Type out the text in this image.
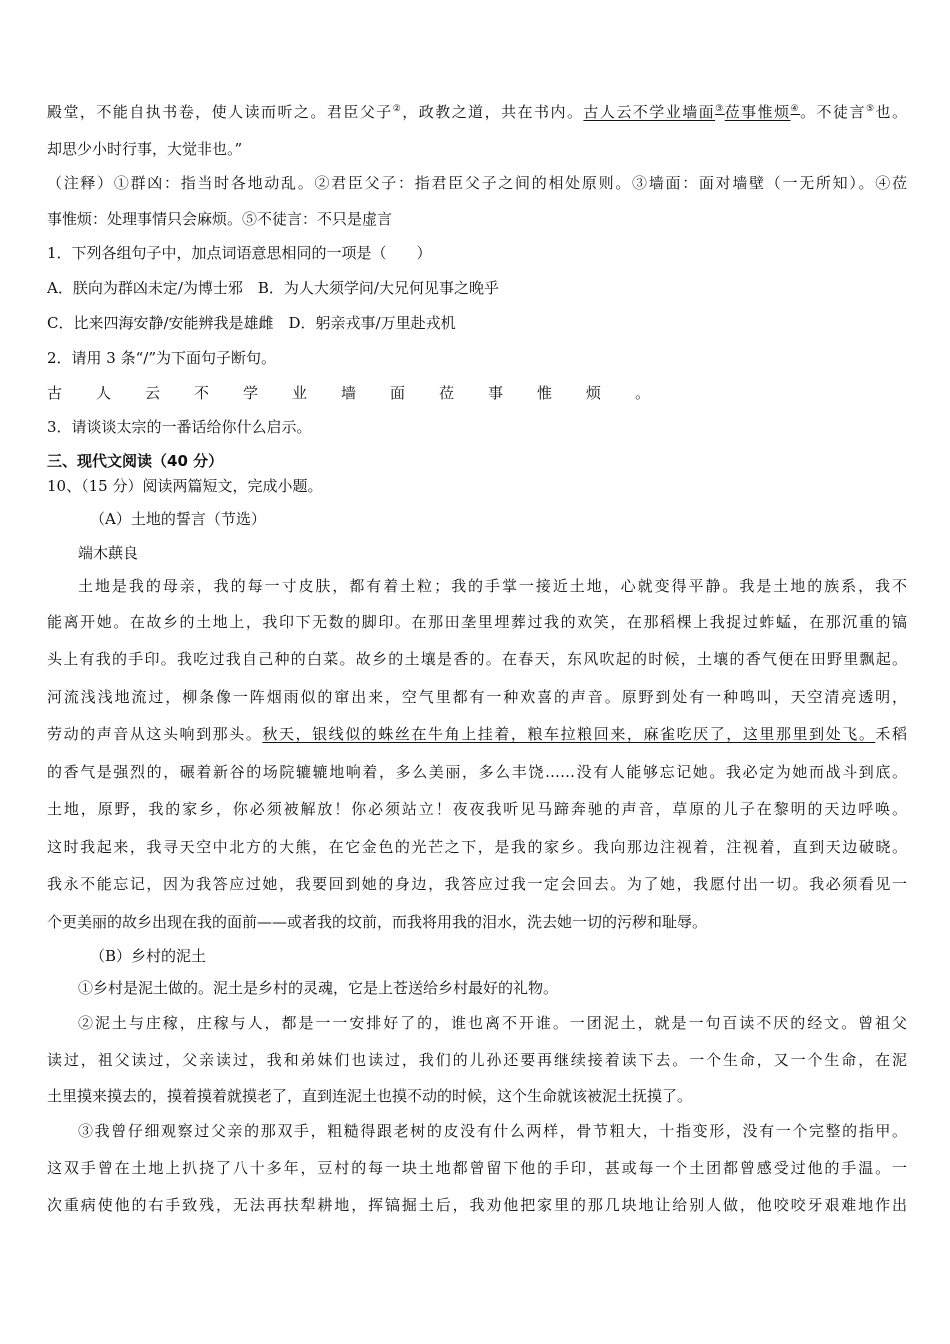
殿堂，不能自执书卷，使人读而听之。君臣父子②，政教之道，共在书内。古人云不学业墙面③莅事惟烦④。不徒言⑤也。
却思少小时行事，大觉非也。”
（注释）①群凶：指当时各地动乱。②君臣父子：指君臣父子之间的相处原则。③墙面：面对墙壁（一无所知）。④莅
事惟烦：处理事情只会麻烦。⑤不徒言：不只是虚言
1．下列各组句子中，加点词语意思相同的一项是（　　）
A．朕向为群凶未定/为博士邪　B．为人大须学问/大兄何见事之晚乎
C．比来四海安静/安能辨我是雄雌　D．躬亲戎事/万里赴戎机
2．请用 3 条“/”为下面句子断句。
古人云不学业墙面莅事惟烦。
3．请谈谈太宗的一番话给你什么启示。
三、现代文阅读（40 分）
10、（15 分）阅读两篇短文，完成小题。
（A）土地的誓言（节选）
端木蕻良
土地是我的母亲，我的每一寸皮肤，都有着土粒；我的手掌一接近土地，心就变得平静。我是土地的族系，我不
能离开她。在故乡的土地上，我印下无数的脚印。在那田垄里埋葬过我的欢笑，在那稻棵上我捉过蚱蜢，在那沉重的镐
头上有我的手印。我吃过我自己种的白菜。故乡的土壤是香的。在春天，东风吹起的时候，土壤的香气便在田野里飘起。
河流浅浅地流过，柳条像一阵烟雨似的窜出来，空气里都有一种欢喜的声音。原野到处有一种鸣叫，天空清亮透明，
劳动的声音从这头响到那头。秋天，银线似的蛛丝在牛角上挂着，粮车拉粮回来，麻雀吃厌了，这里那里到处飞。禾稻
的香气是强烈的，碾着新谷的场院辘辘地响着，多么美丽，多么丰饶……没有人能够忘记她。我必定为她而战斗到底。
土地，原野，我的家乡，你必须被解放！你必须站立！夜夜我听见马蹄奔驰的声音，草原的儿子在黎明的天边呼唤。
这时我起来，我寻天空中北方的大熊，在它金色的光芒之下，是我的家乡。我向那边注视着，注视着，直到天边破晓。
我永不能忘记，因为我答应过她，我要回到她的身边，我答应过我一定会回去。为了她，我愿付出一切。我必须看见一
个更美丽的故乡出现在我的面前——或者我的坟前，而我将用我的泪水，洗去她一切的污秽和耻辱。
（B）乡村的泥土
①乡村是泥土做的。泥土是乡村的灵魂，它是上苍送给乡村最好的礼物。
②泥土与庄稼，庄稼与人，都是一一安排好了的，谁也离不开谁。一团泥土，就是一句百读不厌的经文。曾祖父
读过，祖父读过，父亲读过，我和弟妹们也读过，我们的儿孙还要再继续接着读下去。一个生命，又一个生命，在泥
土里摸来摸去的，摸着摸着就摸老了，直到连泥土也摸不动的时候，这个生命就该被泥土抚摸了。
③我曾仔细观察过父亲的那双手，粗糙得跟老树的皮没有什么两样，骨节粗大，十指变形，没有一个完整的指甲。
这双手曾在土地上扒挠了八十多年，豆村的每一块土地都曾留下他的手印，甚或每一个土团都曾感受过他的手温。一
次重病使他的右手致残，无法再扶犁耕地，挥镐掘土后，我劝他把家里的那几块地让给别人做，他咬咬牙艰难地作出
